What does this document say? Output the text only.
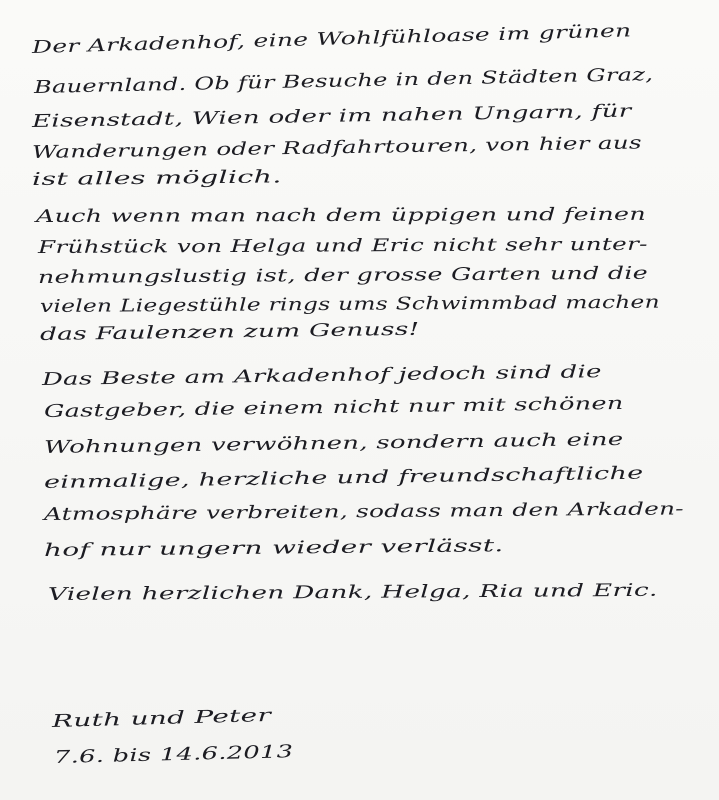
Der Arkadenhof, eine Wohlfühloase im grünen
Bauernland. Ob für Besuche in den Städten Graz,
Eisenstadt, Wien oder im nahen Ungarn, für
Wanderungen oder Radfahrtouren, von hier aus
ist alles möglich.
Auch wenn man nach dem üppigen und feinen
Frühstück von Helga und Eric nicht sehr unter-
nehmungslustig ist, der grosse Garten und die
vielen Liegestühle rings ums Schwimmbad machen
das Faulenzen zum Genuss!
Das Beste am Arkadenhof jedoch sind die
Gastgeber, die einem nicht nur mit schönen
Wohnungen verwöhnen, sondern auch eine
einmalige, herzliche und freundschaftliche
Atmosphäre verbreiten, sodass man den Arkaden-
hof nur ungern wieder verlässt.
Vielen herzlichen Dank, Helga, Ria und Eric.
Ruth und Peter
7.6. bis 14.6.2013
